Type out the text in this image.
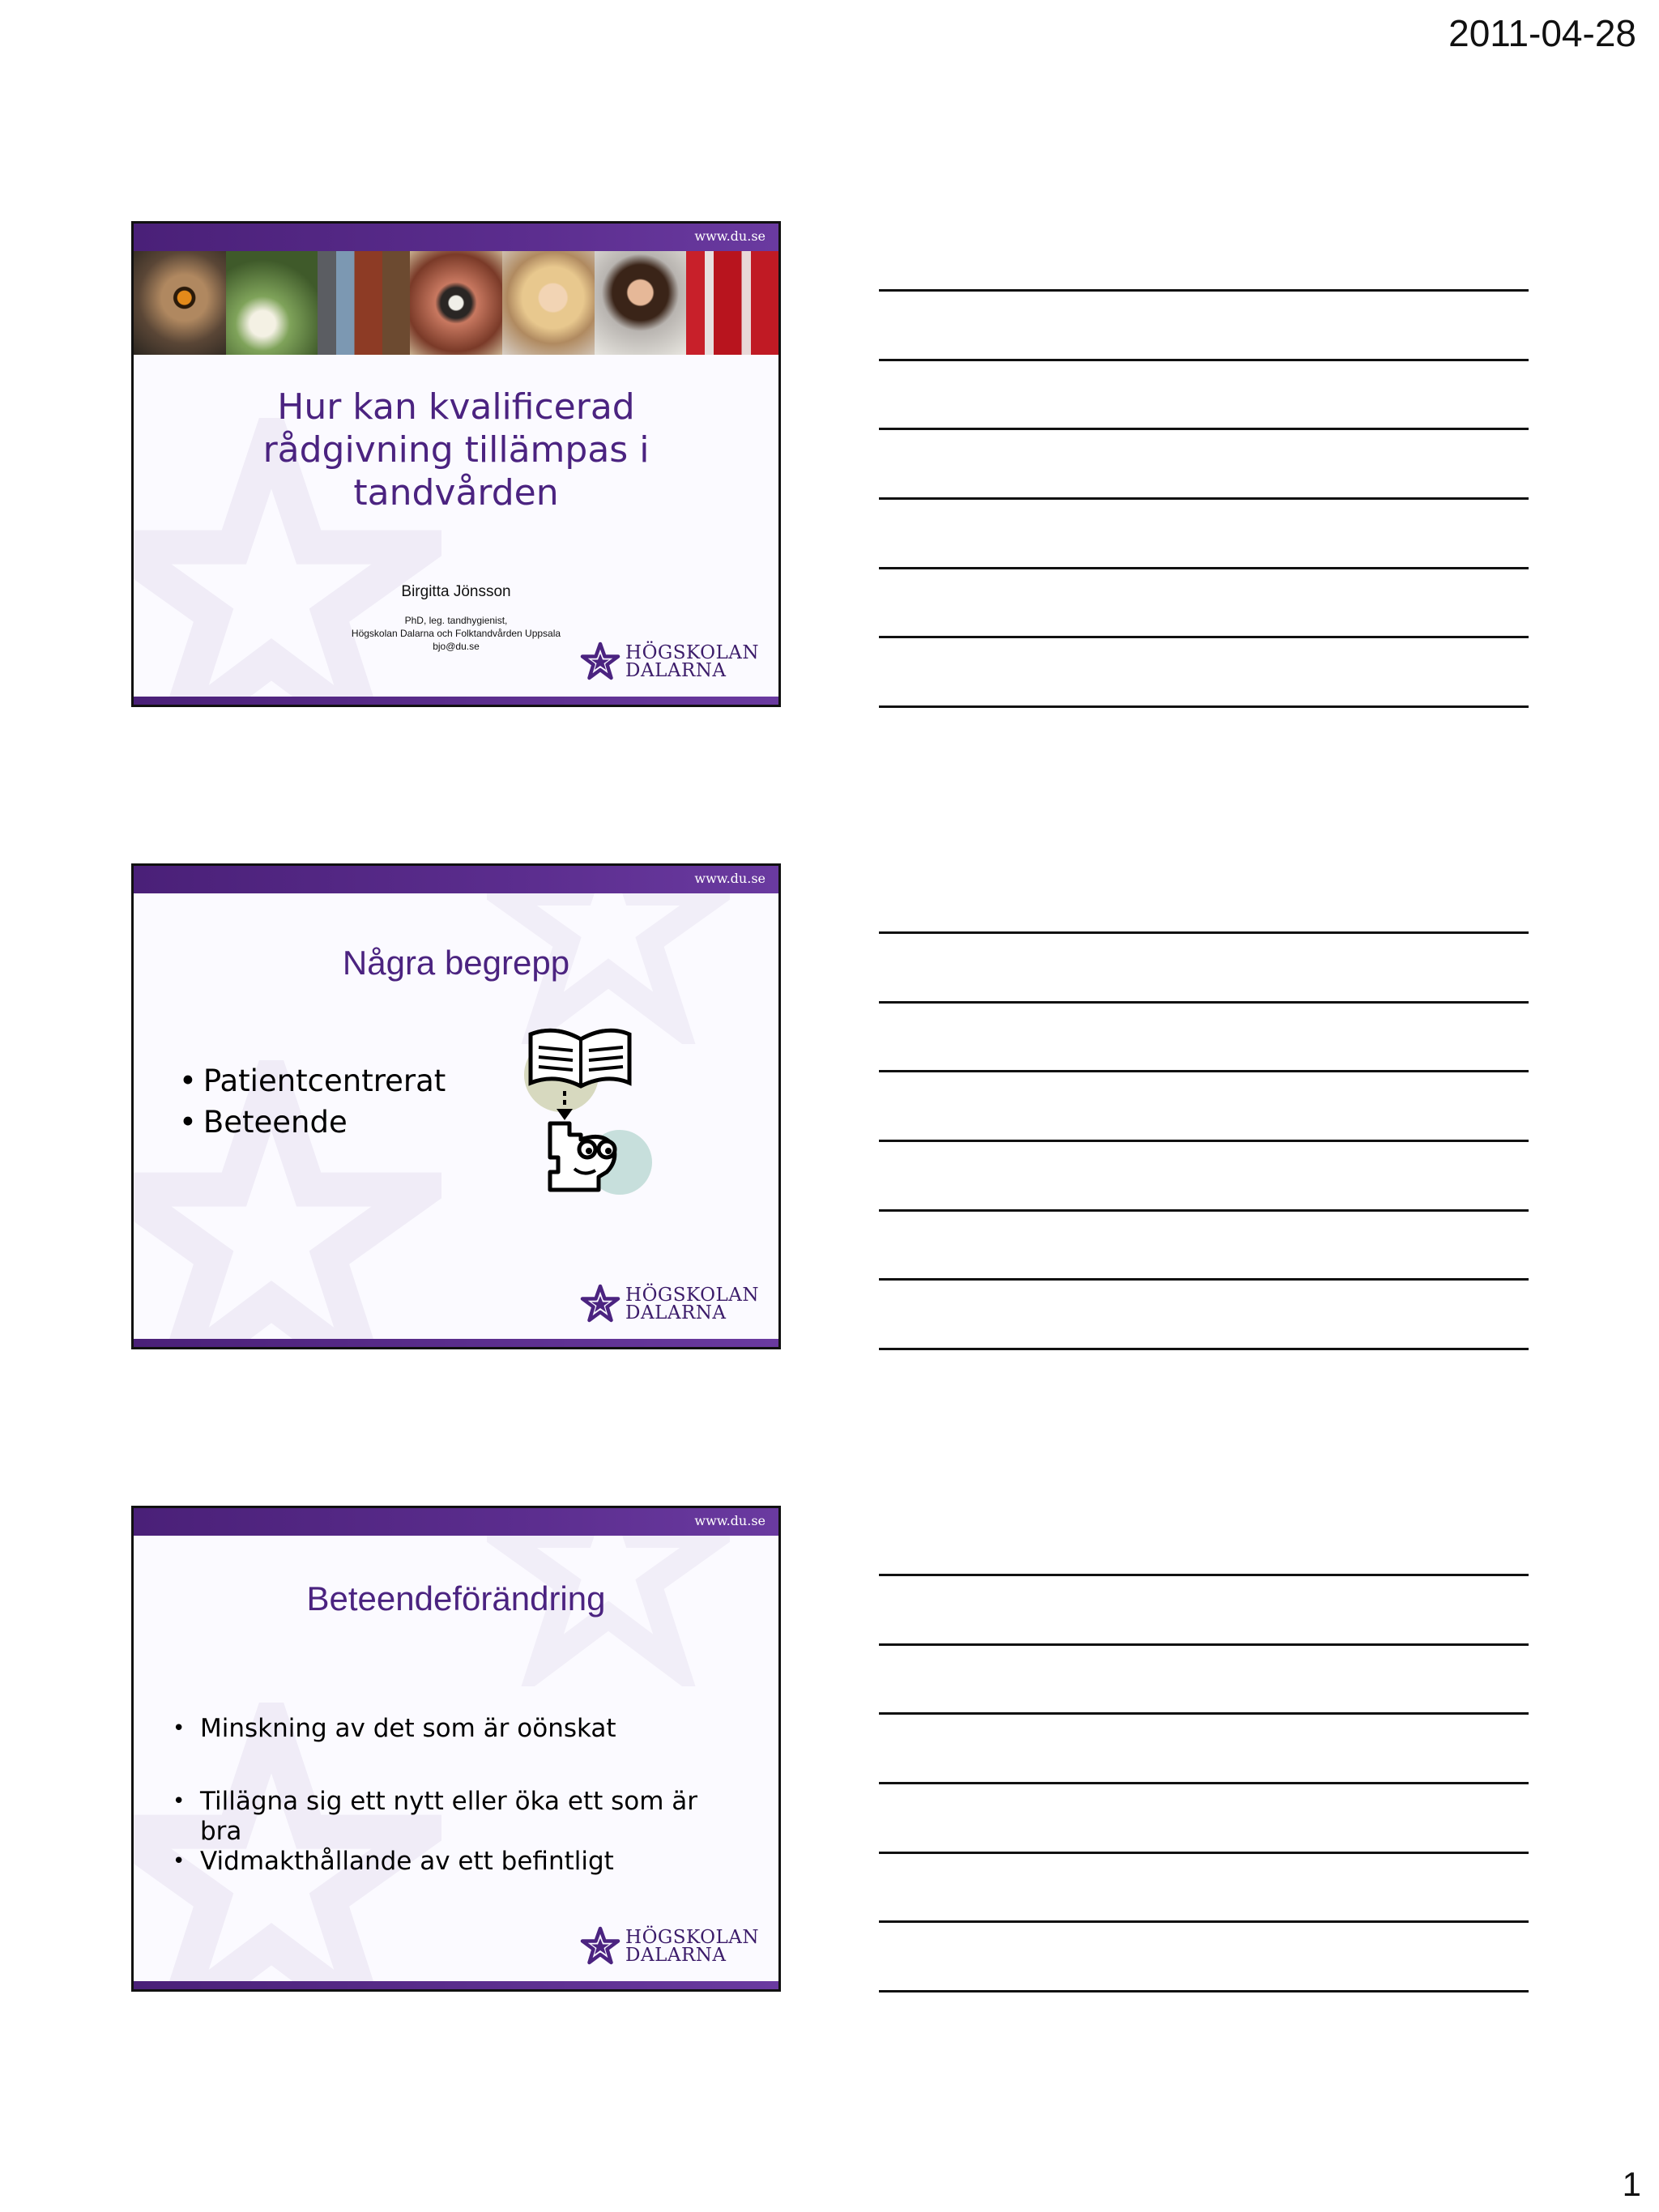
2011-04-28
www.du.se
Hur kan kvalificerad rådgivning tillämpas i tandvården
Birgitta Jönsson
PhD, leg. tandhygienist,
Högskolan Dalarna och Folktandvården Uppsala
bjo@du.se	HÖGSKOLAN
DALARNA
www.du.se
Några begrepp
• Patientcentrerat
• Beteende
HÖGSKOLAN
DALARNA
www.du.se
Beteendeförändring
• Minskning av det som är oönskat
• Tillägna sig ett nytt eller öka ett som är bra
• Vidmakthållande av ett befintligt
HÖGSKOLAN
DALARNA
1
